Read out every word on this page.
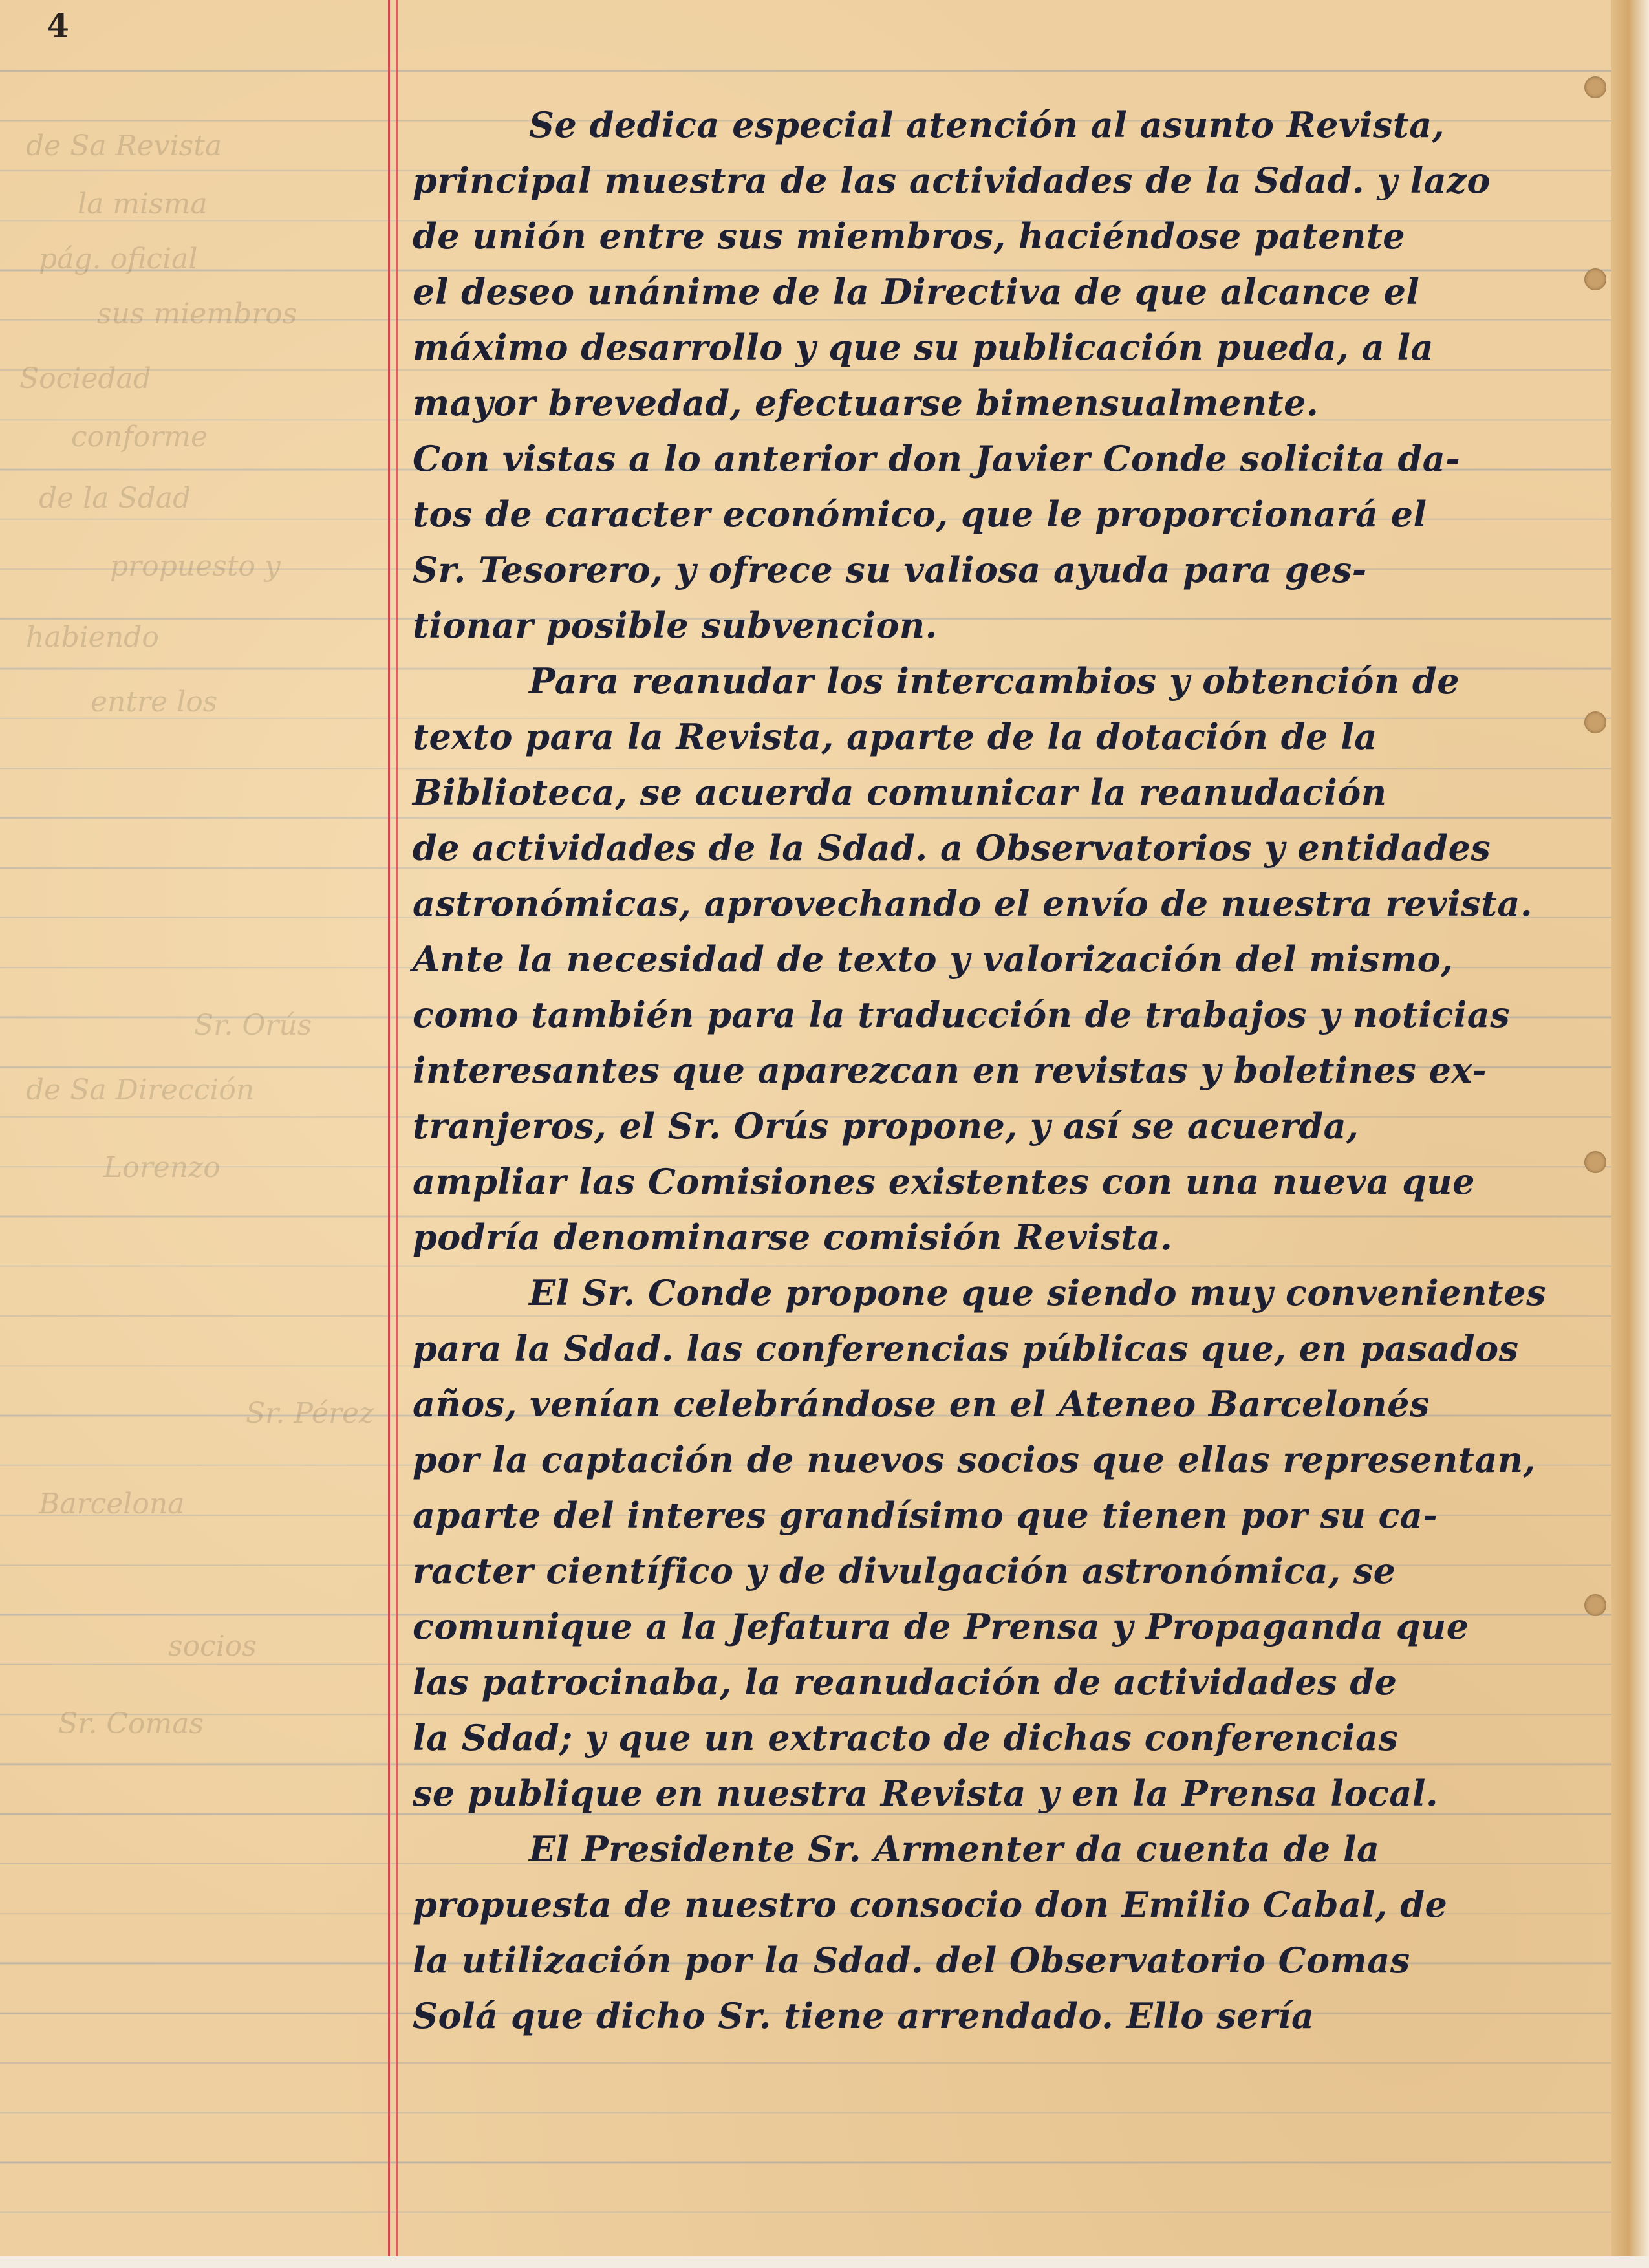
de Sa Revista
la misma
pág. oficial
sus miembros
Sociedad
conforme
de la Sdad
propuesto y
habiendo
entre los
Sr. Orús
de Sa Dirección
Lorenzo
Sr. Pérez
Barcelona
socios
Sr. Comas

4

Se dedica especial atención al asunto Revista,
principal muestra de las actividades de la Sdad. y lazo
de unión entre sus miembros, haciéndose patente
el deseo unánime de la Directiva de que alcance el
máximo desarrollo y que su publicación pueda, a la
mayor brevedad, efectuarse bimensualmente.
Con vistas a lo anterior don Javier Conde solicita da-
tos de caracter económico, que le proporcionará el
Sr. Tesorero, y ofrece su valiosa ayuda para ges-
tionar posible subvencion.
Para reanudar los intercambios y obtención de
texto para la Revista, aparte de la dotación de la
Biblioteca, se acuerda comunicar la reanudación
de actividades de la Sdad. a Observatorios y entidades
astronómicas, aprovechando el envío de nuestra revista.
Ante la necesidad de texto y valorización del mismo,
como también para la traducción de trabajos y noticias
interesantes que aparezcan en revistas y boletines ex-
tranjeros, el Sr. Orús propone, y así se acuerda,
ampliar las Comisiones existentes con una nueva que
podría denominarse comisión Revista.
El Sr. Conde propone que siendo muy convenientes
para la Sdad. las conferencias públicas que, en pasados
años, venían celebrándose en el Ateneo Barcelonés
por la captación de nuevos socios que ellas representan,
aparte del interes grandísimo que tienen por su ca-
racter científico y de divulgación astronómica, se
comunique a la Jefatura de Prensa y Propaganda que
las patrocinaba, la reanudación de actividades de
la Sdad; y que un extracto de dichas conferencias
se publique en nuestra Revista y en la Prensa local.
El Presidente Sr. Armenter da cuenta de la
propuesta de nuestro consocio don Emilio Cabal, de
la utilización por la Sdad. del Observatorio Comas
Solá que dicho Sr. tiene arrendado. Ello sería
